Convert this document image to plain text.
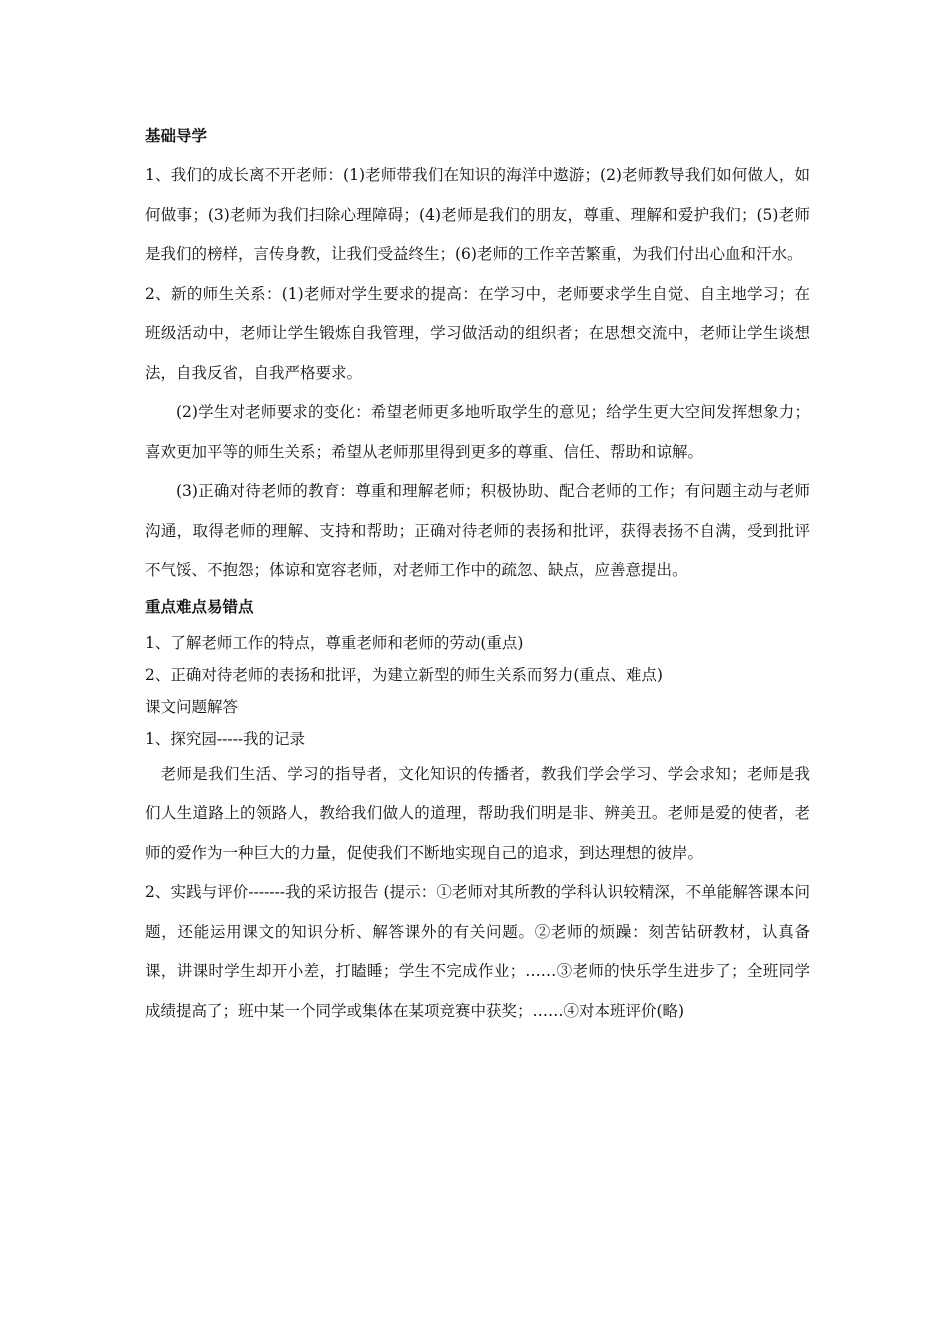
基础导学

1、我们的成长离不开老师：(1)老师带我们在知识的海洋中遨游；(2)老师教导我们如何做人，如何做事；(3)老师为我们扫除心理障碍；(4)老师是我们的朋友，尊重、理解和爱护我们；(5)老师是我们的榜样，言传身教，让我们受益终生；(6)老师的工作辛苦繁重，为我们付出心血和汗水。

2、新的师生关系：(1)老师对学生要求的提高：在学习中，老师要求学生自觉、自主地学习；在班级活动中，老师让学生锻炼自我管理，学习做活动的组织者；在思想交流中，老师让学生谈想法，自我反省，自我严格要求。

(2)学生对老师要求的变化：希望老师更多地听取学生的意见；给学生更大空间发挥想象力；喜欢更加平等的师生关系；希望从老师那里得到更多的尊重、信任、帮助和谅解。

(3)正确对待老师的教育：尊重和理解老师；积极协助、配合老师的工作；有问题主动与老师沟通，取得老师的理解、支持和帮助；正确对待老师的表扬和批评，获得表扬不自满，受到批评不气馁、不抱怨；体谅和宽容老师，对老师工作中的疏忽、缺点，应善意提出。

重点难点易错点

1、了解老师工作的特点，尊重老师和老师的劳动(重点)

2、正确对待老师的表扬和批评，为建立新型的师生关系而努力(重点、难点)

课文问题解答

1、探究园-----我的记录

老师是我们生活、学习的指导者，文化知识的传播者，教我们学会学习、学会求知；老师是我们人生道路上的领路人，教给我们做人的道理，帮助我们明是非、辨美丑。老师是爱的使者，老师的爱作为一种巨大的力量，促使我们不断地实现自己的追求，到达理想的彼岸。

2、实践与评价-------我的采访报告 (提示：①老师对其所教的学科认识较精深，不单能解答课本问题，还能运用课文的知识分析、解答课外的有关问题。②老师的烦躁：刻苦钻研教材，认真备课，讲课时学生却开小差，打瞌睡；学生不完成作业；……③老师的快乐学生进步了；全班同学成绩提高了；班中某一个同学或集体在某项竞赛中获奖；……④对本班评价(略)
